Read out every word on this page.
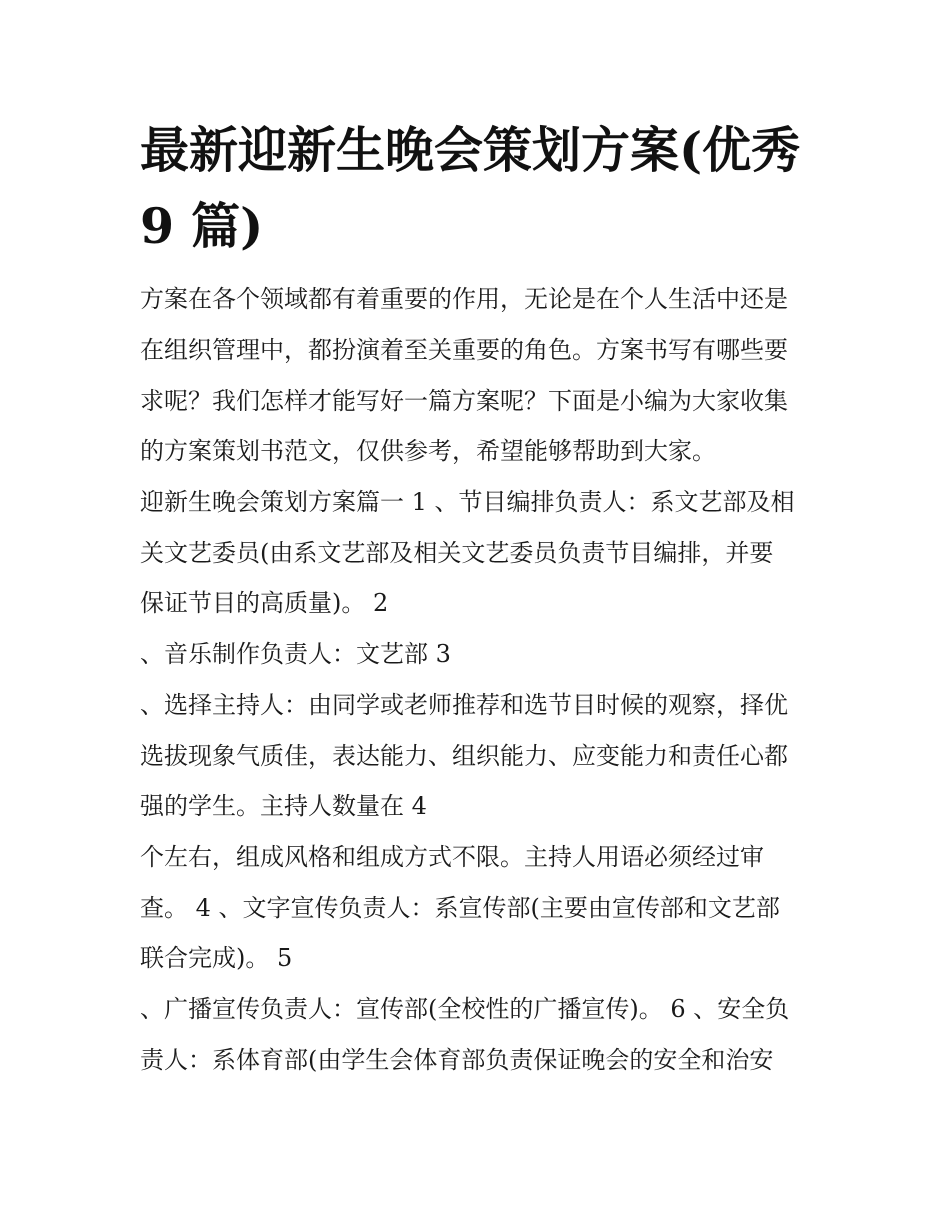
最新迎新生晚会策划方案(优秀
9 篇)

方案在各个领域都有着重要的作用，无论是在个人生活中还是

在组织管理中，都扮演着至关重要的角色。方案书写有哪些要

求呢？我们怎样才能写好一篇方案呢？下面是小编为大家收集

的方案策划书范文，仅供参考，希望能够帮助到大家。

迎新生晚会策划方案篇一 1 、节目编排负责人：系文艺部及相

关文艺委员(由系文艺部及相关文艺委员负责节目编排，并要

保证节目的高质量)。 2

、音乐制作负责人：文艺部 3

、选择主持人：由同学或老师推荐和选节目时候的观察，择优

选拔现象气质佳，表达能力、组织能力、应变能力和责任心都

强的学生。主持人数量在 4

个左右，组成风格和组成方式不限。主持人用语必须经过审

查。 4 、文字宣传负责人：系宣传部(主要由宣传部和文艺部

联合完成)。 5

、广播宣传负责人：宣传部(全校性的广播宣传)。 6 、安全负

责人：系体育部(由学生会体育部负责保证晚会的安全和治安
